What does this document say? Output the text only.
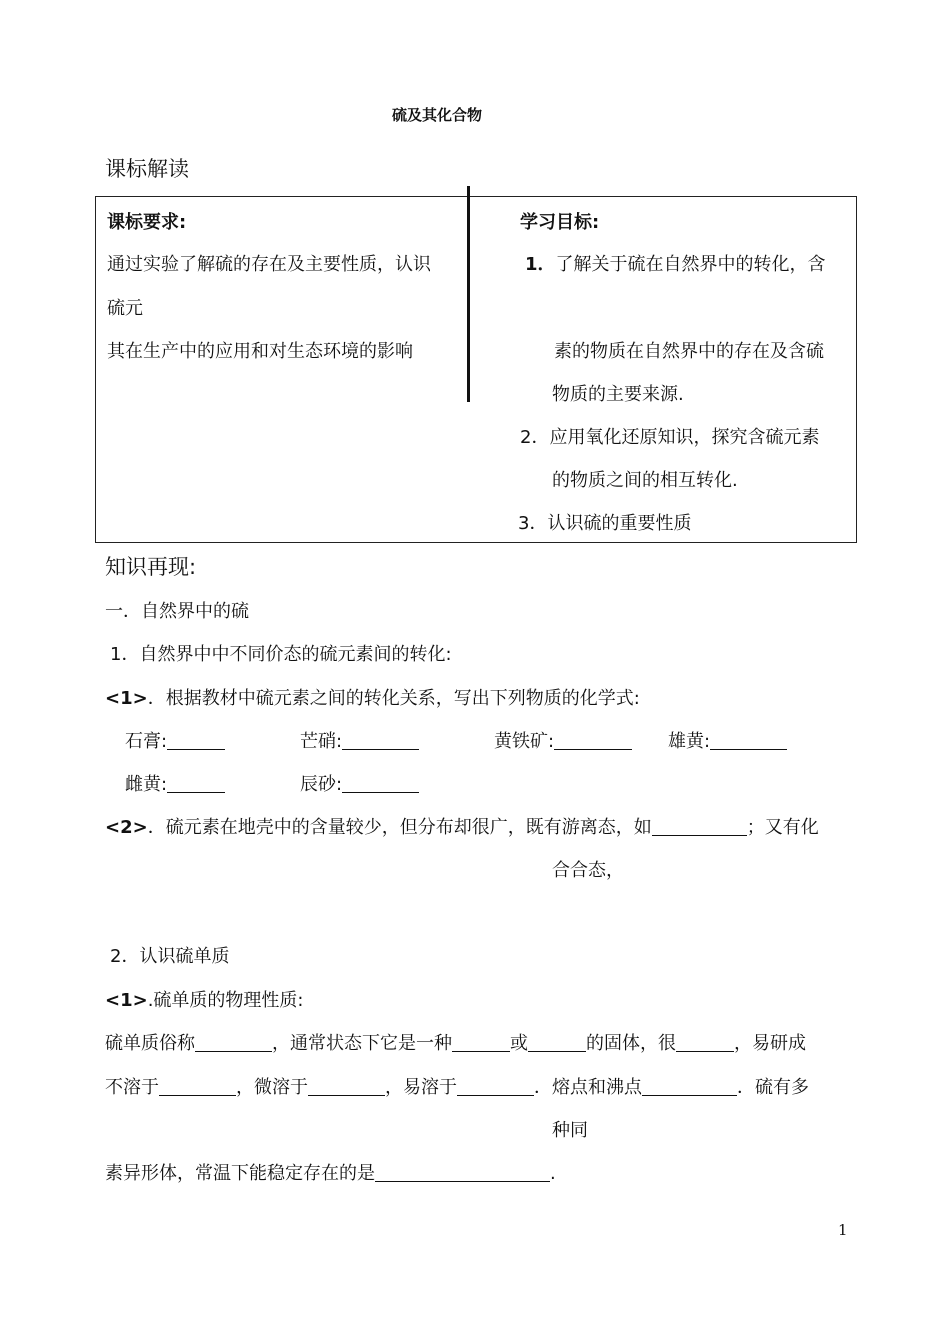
硫及其化合物
课标解读
课标要求:
通过实验了解硫的存在及主要性质，认识
硫元
其在生产中的应用和对生态环境的影响
学习目标:
1．了解关于硫在自然界中的转化，含
素的物质在自然界中的存在及含硫
物质的主要来源.
2．应用氧化还原知识，探究含硫元素
的物质之间的相互转化.
3．认识硫的重要性质
知识再现:
一．自然界中的硫
1．自然界中中不同价态的硫元素间的转化:
<1>．根据教材中硫元素之间的转化关系，写出下列物质的化学式:
石膏:	芒硝:	黄铁矿:	雄黄:
雌黄:	辰砂:
<2>．硫元素在地壳中的含量较少，但分布却很广，既有游离态，如	；又有化
合合态，
2．认识硫单质
<1>.硫单质的物理性质:
硫单质俗称	，通常状态下它是一种	或	的固体，很	，易研成
不溶于	，微溶于	，易溶于	．熔点和沸点	．硫有多
种同
素异形体，常温下能稳定存在的是	.
1
